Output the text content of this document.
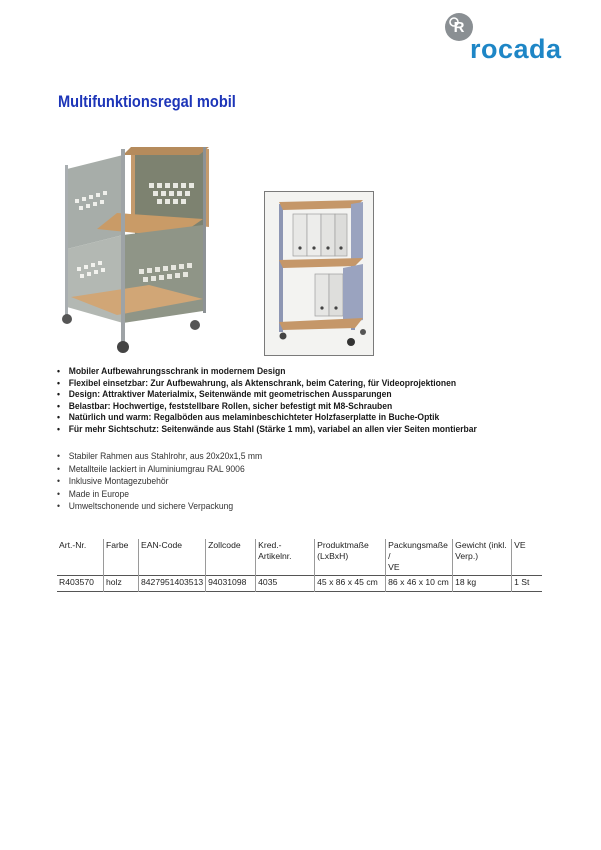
R
rocada
Multifunktionsregal mobil
• Mobiler Aufbewahrungsschrank in modernem Design
• Flexibel einsetzbar: Zur Aufbewahrung, als Aktenschrank, beim Catering, für Videoprojektionen
• Design: Attraktiver Materialmix, Seitenwände mit geometrischen Aussparungen
• Belastbar: Hochwertige, feststellbare Rollen, sicher befestigt mit M8-Schrauben
• Natürlich und warm: Regalböden aus melaminbeschichteter Holzfaserplatte in Buche-Optik
• Für mehr Sichtschutz: Seitenwände aus Stahl (Stärke 1 mm), variabel an allen vier Seiten montierbar
• Stabiler Rahmen aus Stahlrohr, aus 20x20x1,5 mm
• Metallteile lackiert in Aluminiumgrau RAL 9006
• Inklusive Montagezubehör
• Made in Europe
• Umweltschonende und sichere Verpackung
Art.-Nr.	Farbe	EAN-Code	Zollcode	Kred.-Artikelnr.	Produktmaße
(LxBxH)	Packungsmaße /
VE	Gewicht (inkl.
Verp.)	VE
R403570	holz	8427951403513	94031098	4035	45 x 86 x 45 cm	86 x 46 x 10 cm	18 kg	1 St
